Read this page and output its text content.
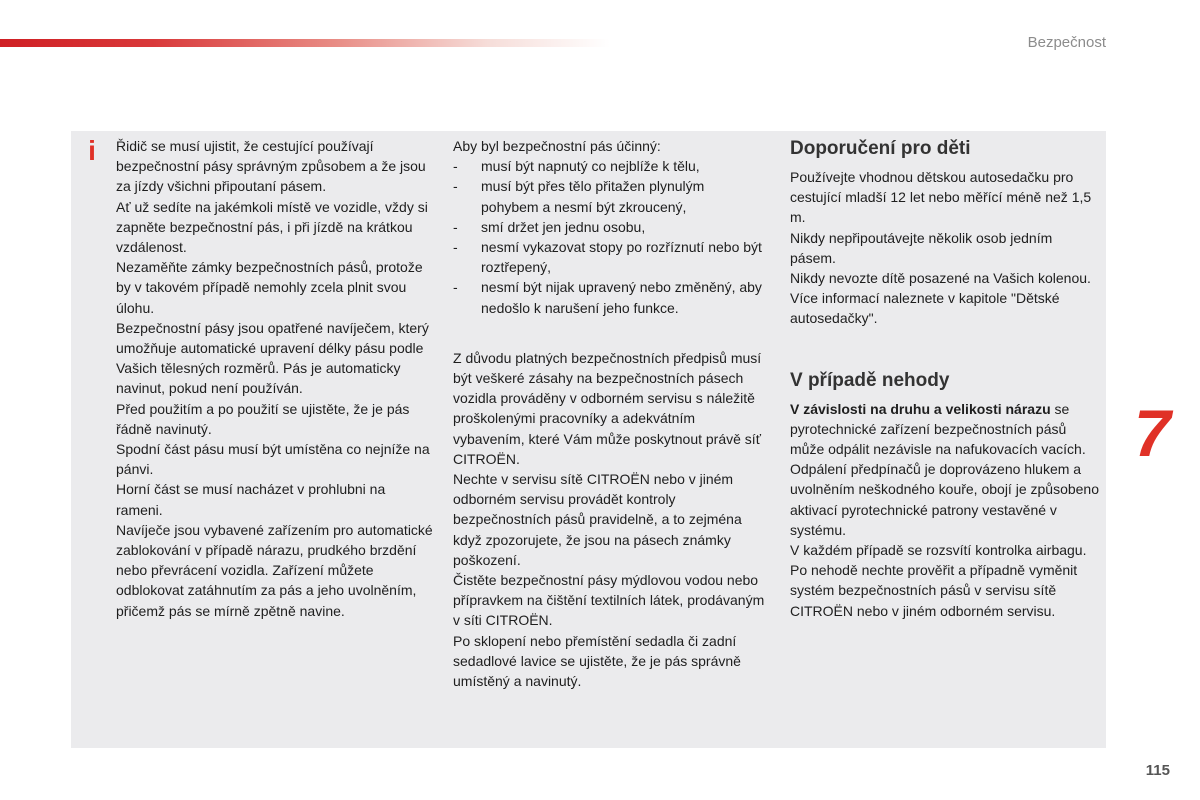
Bezpečnost
i Řidič se musí ujistit, že cestující používají bezpečnostní pásy správným způsobem a že jsou za jízdy všichni připoutaní pásem.
Ať už sedíte na jakémkoli místě ve vozidle, vždy si zapněte bezpečnostní pás, i při jízdě na krátkou vzdálenost.
Nezaměňte zámky bezpečnostních pásů, protože by v takovém případě nemohly zcela plnit svou úlohu.
Bezpečnostní pásy jsou opatřené navíječem, který umožňuje automatické upravení délky pásu podle Vašich tělesných rozměrů. Pás je automaticky navinut, pokud není používán.
Před použitím a po použití se ujistěte, že je pás řádně navinutý.
Spodní část pásu musí být umístěna co nejníže na pánvi.
Horní část se musí nacházet v prohlubni na rameni.
Navíječe jsou vybavené zařízením pro automatické zablokování v případě nárazu, prudkého brzdění nebo převrácení vozidla. Zařízení můžete odblokovat zatáhnutím za pás a jeho uvolněním, přičemž pás se mírně zpětně navine.
Aby byl bezpečnostní pás účinný:
- musí být napnutý co nejblíže k tělu,
- musí být přes tělo přitažen plynulým pohybem a nesmí být zkroucený,
- smí držet jen jednu osobu,
- nesmí vykazovat stopy po rozříznutí nebo být roztřepený,
- nesmí být nijak upravený nebo změněný, aby nedošlo k narušení jeho funkce.
Z důvodu platných bezpečnostních předpisů musí být veškeré zásahy na bezpečnostních pásech vozidla prováděny v odborném servisu s náležitě proškolenými pracovníky a adekvátním vybavením, které Vám může poskytnout právě síť CITROËN.
Nechte v servisu sítě CITROËN nebo v jiném odborném servisu provádět kontroly bezpečnostních pásů pravidelně, a to zejména když zpozorujete, že jsou na pásech známky poškození.
Čistěte bezpečnostní pásy mýdlovou vodou nebo přípravkem na čištění textilních látek, prodávaným v síti CITROËN.
Po sklopení nebo přemístění sedadla či zadní sedadlové lavice se ujistěte, že je pás správně umístěný a navinutý.
Doporučení pro děti
Používejte vhodnou dětskou autosedačku pro cestující mladší 12 let nebo měřící méně než 1,5 m.
Nikdy nepřipoutávejte několik osob jedním pásem.
Nikdy nevozte dítě posazené na Vašich kolenou.
Více informací naleznete v kapitole "Dětské autosedačky".
V případě nehody
V závislosti na druhu a velikosti nárazu se pyrotechnické zařízení bezpečnostních pásů může odpálit nezávisle na nafukovacích vacích. Odpálení předpínačů je doprovázeno hlukem a uvolněním neškodného kouře, obojí je způsobeno aktivací pyrotechnické patrony vestavěné v systému.
V každém případě se rozsvítí kontrolka airbagu.
Po nehodě nechte prověřit a případně vyměnit systém bezpečnostních pásů v servisu sítě CITROËN nebo v jiném odborném servisu.
7
115
